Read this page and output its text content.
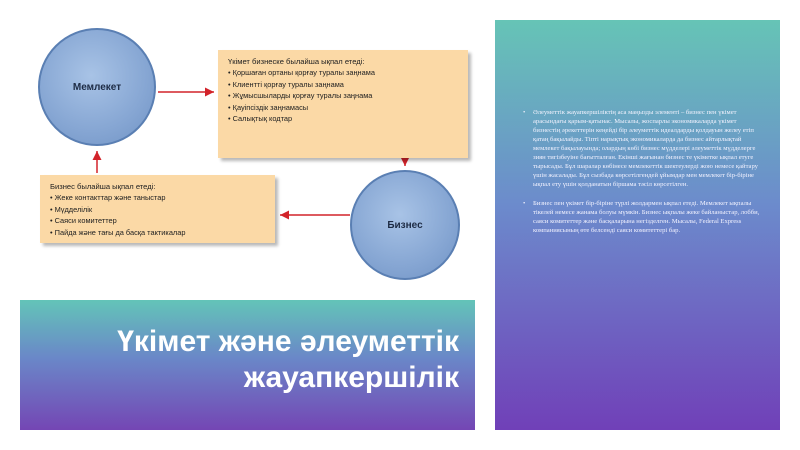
Мемлекет
Үкімет бизнеске былайша ықпал етеді:
• Қоршаған ортаны қорғау туралы заңнама
• Клиентті қорғау туралы заңнама
• Жұмысшыларды қорғау туралы заңнама
• Қауіпсіздік заңнамасы
• Салықтық кодтар
Бизнес
Бизнес былайша ықпал етеді:
• Жеке контакттар және таныстар
• Мүдделілік
• Саяси комитеттер
• Пайда және тағы да басқа тактикалар
Үкімет және әлеуметтік
жауапкершілік
• Әлеуметтік жауапкершіліктің аса маңызды элементі – бизнес пен үкімет арасындағы қарым-қатынас. Мысалы, жоспарлы экономикаларда үкімет бизнестің әрекеттерін кеңейді бір әлеуметтік идеалдарды қолдауын желеу етіп қатаң бақылайды. Тіпті нарықтық экономикаларда да бизнес айтарлықтай мемлекет бақылауында; олардың көбі бизнес мүдделері әлеуметтік мүдделерге зиян тигізбеуіне бағытталған. Екінші жағынан бизнес те үкіметке ықпал етуге тырысады. Бұл шаралар көбінесе мемлекеттік шектеулерді жою немесе қайтару үшін жасалады. Бұл сызбада көрсетілгендей ұйымдар мен мемлекет бір-біріне ықпал ету үшін қолданатын біршама тәсіл көрсетілген.
• Бизнес пен үкімет бір-біріне түрлі жолдармен ықпал етеді. Мемлекет ықпалы тікелей немесе жанама болуы мүмкін. Бизнес ықпалы жеке байланыстар, лобби, саяси комитеттер және басқаларына негізделген. Мысалы, Federal Express компаниясының өте белсенді саяси комитеттері бар.
